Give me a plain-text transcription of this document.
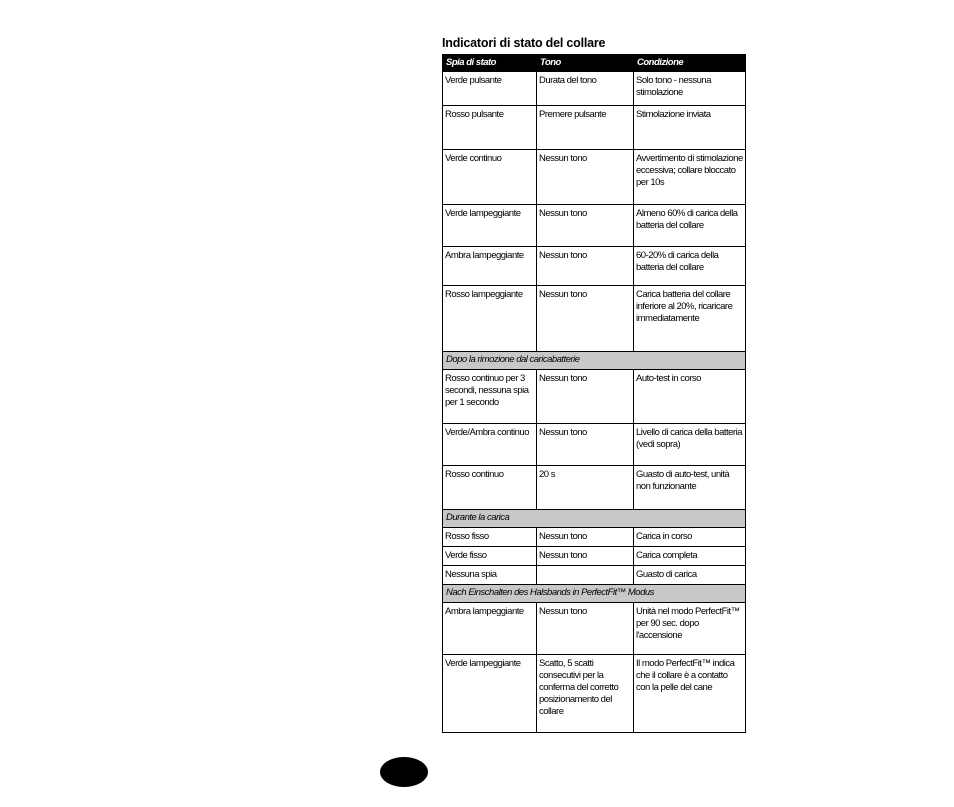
Indicatori di stato del collare
Spia di stato	Tono	Condizione
Verde pulsante	Durata del tono	Solo tono - nessuna stimolazione
Rosso pulsante	Premere pulsante	Stimolazione inviata
Verde continuo	Nessun tono	Avvertimento di stimolazione eccessiva; collare bloccato per 10s
Verde lampeggiante	Nessun tono	Almeno 60% di carica della batteria del collare
Ambra lampeggiante	Nessun tono	60-20% di carica della batteria del collare
Rosso lampeggiante	Nessun tono	Carica batteria del collare inferiore al 20%, ricaricare immediatamente
Dopo la rimozione dal caricabatterie		
Rosso continuo per 3 secondi, nessuna spia per 1 secondo	Nessun tono	Auto-test in corso
Verde/Ambra continuo	Nessun tono	Livello di carica della batteria (vedi sopra)
Rosso continuo	20 s	Guasto di auto-test, unità non funzionante
Durante la carica		
Rosso fisso	Nessun tono	Carica in corso
Verde fisso	Nessun tono	Carica completa
Nessuna spia		Guasto di carica
Nach Einschalten des Halsbands in PerfectFit™ Modus		
Ambra lampeggiante	Nessun tono	Unità nel modo PerfectFit™ per 90 sec. dopo l'accensione
Verde lampeggiante	Scatto, 5 scatti consecutivi per la conferma del corretto posizionamento del collare	Il modo PerfectFit™ indica che il collare è a contatto con la pelle del cane
